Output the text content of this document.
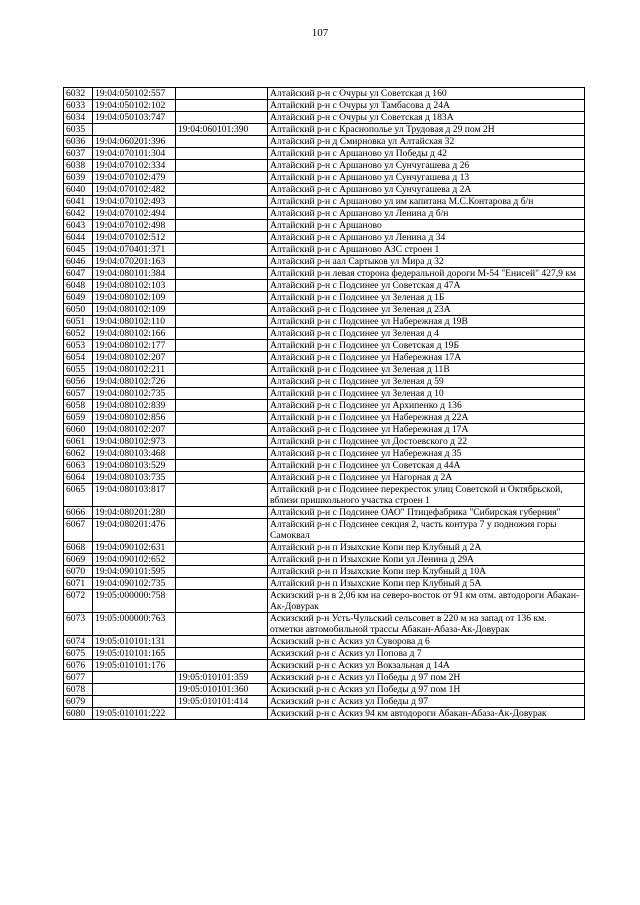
107
6032	19:04:050102:557		Алтайский р-н с Очуры ул Советская д 160
6033	19:04:050102:102		Алтайский р-н с Очуры ул Тамбасова д 24А
6034	19:04:050103:747		Алтайский р-н с Очуры ул Советская д 183А
6035		19:04:060101:390	Алтайский р-н с Краснополье ул Трудовая д 29 пом 2Н
6036	19:04:060201:396		Алтайский р-н д Смирновка ул Алтайская 32
6037	19:04:070101:304		Алтайский р-н с Аршаново ул Победы д 42
6038	19:04:070102:334		Алтайский р-н с Аршаново ул Сунчугашева д 26
6039	19:04:070102:479		Алтайский р-н с Аршаново ул Сунчугашева д 13
6040	19:04:070102:482		Алтайский р-н с Аршаново ул Сунчугашева д 2А
6041	19:04:070102:493		Алтайский р-н с Аршаново ул им капитана М.С.Контарова д б/н
6042	19:04:070102:494		Алтайский р-н с Аршаново ул Ленина д б/н
6043	19:04:070102:498		Алтайский р-н с Аршаново
6044	19:04:070102:512		Алтайский р-н с Аршаново ул Ленина д 34
6045	19:04:070401:371		Алтайский р-н с Аршаново АЗС строен 1
6046	19:04:070201:163		Алтайский р-н аал Сартыков ул Мира д 32
6047	19:04:080101:384		Алтайский р-н левая сторона федеральной дороги М-54 "Енисей" 427,9 км
6048	19:04:080102:103		Алтайский р-н с Подсинее ул Советская д 47А
6049	19:04:080102:109		Алтайский р-н с Подсинее ул Зеленая д 1Б
6050	19:04:080102:109		Алтайский р-н с Подсинее ул Зеленая д 23А
6051	19:04:080102:110		Алтайский р-н с Подсинее ул Набережная д 19В
6052	19:04:080102:166		Алтайский р-н с Подсинее ул Зеленая д 4
6053	19:04:080102:177		Алтайский р-н с Подсинее ул Советская д 19Б
6054	19:04:080102:207		Алтайский р-н с Подсинее ул Набережная 17А
6055	19:04:080102:211		Алтайский р-н с Подсинее ул Зеленая д 11В
6056	19:04:080102:726		Алтайский р-н с Подсинее ул Зеленая д 59
6057	19:04:080102:735		Алтайский р-н с Подсинее ул Зеленая д 10
6058	19:04:080102:839		Алтайский р-н с Подсинее ул Архипенко д 136
6059	19:04:080102:856		Алтайский р-н с Подсинее ул Набережная д 22А
6060	19:04:080102:207		Алтайский р-н с Подсинее ул Набережная д 17А
6061	19:04:080102:973		Алтайский р-н с Подсинее ул Достоевского д 22
6062	19:04:080103:468		Алтайский р-н с Подсинее ул Набережная д 35
6063	19:04:080103:529		Алтайский р-н с Подсинее ул Советская д 44А
6064	19:04:080103:735		Алтайский р-н с Подсинее ул Нагорная д 2А
6065	19:04:080103:817		Алтайский р-н с Подсинее перекресток улиц Советской и Октябрьской, вблизи пришкольного участка строен 1
6066	19:04:080201:280		Алтайский р-н с Подсинее ОАО" Птицефабрика "Сибирская губерния"
6067	19:04:080201:476		Алтайский р-н с Подсинее секция 2, часть контура 7 у подножия горы Самоквал
6068	19:04:090102:631		Алтайский р-н п Изыхские Копи пер Клубный д 2А
6069	19:04:090102:652		Алтайский р-н п Изыхские Копи ул Ленина д 29А
6070	19:04:090101:595		Алтайский р-н п Изыхские Копи пер Клубный д 10А
6071	19:04:090102:735		Алтайский р-н п Изыхские Копи пер Клубный д 5А
6072	19:05:000000:758		Аскизский р-н в 2,06 км на северо-восток от 91 км отм. автодороги Абакан-Ак-Довурак
6073	19:05:000000:763		Аскизский р-н Усть-Чульский сельсовет в 220 м на запад от 136 км. отметки автомобильной трассы Абакан-Абаза-Ак-Довурак
6074	19:05:010101:131		Аскизский р-н с Аскиз ул Суворова д 6
6075	19:05:010101:165		Аскизский р-н с Аскиз ул Попова д 7
6076	19:05:010101:176		Аскизский р-н с Аскиз ул Вокзальная д 14А
6077		19:05:010101:359	Аскизский р-н с Аскиз ул Победы д 97 пом 2Н
6078		19:05:010101:360	Аскизский р-н с Аскиз ул Победы д 97 пом 1Н
6079		19:05:010101:414	Аскизский р-н с Аскиз ул Победы д 97
6080	19:05:010101:222		Аскизский р-н с Аскиз 94 км автодороги Абакан-Абаза-Ак-Довурак
